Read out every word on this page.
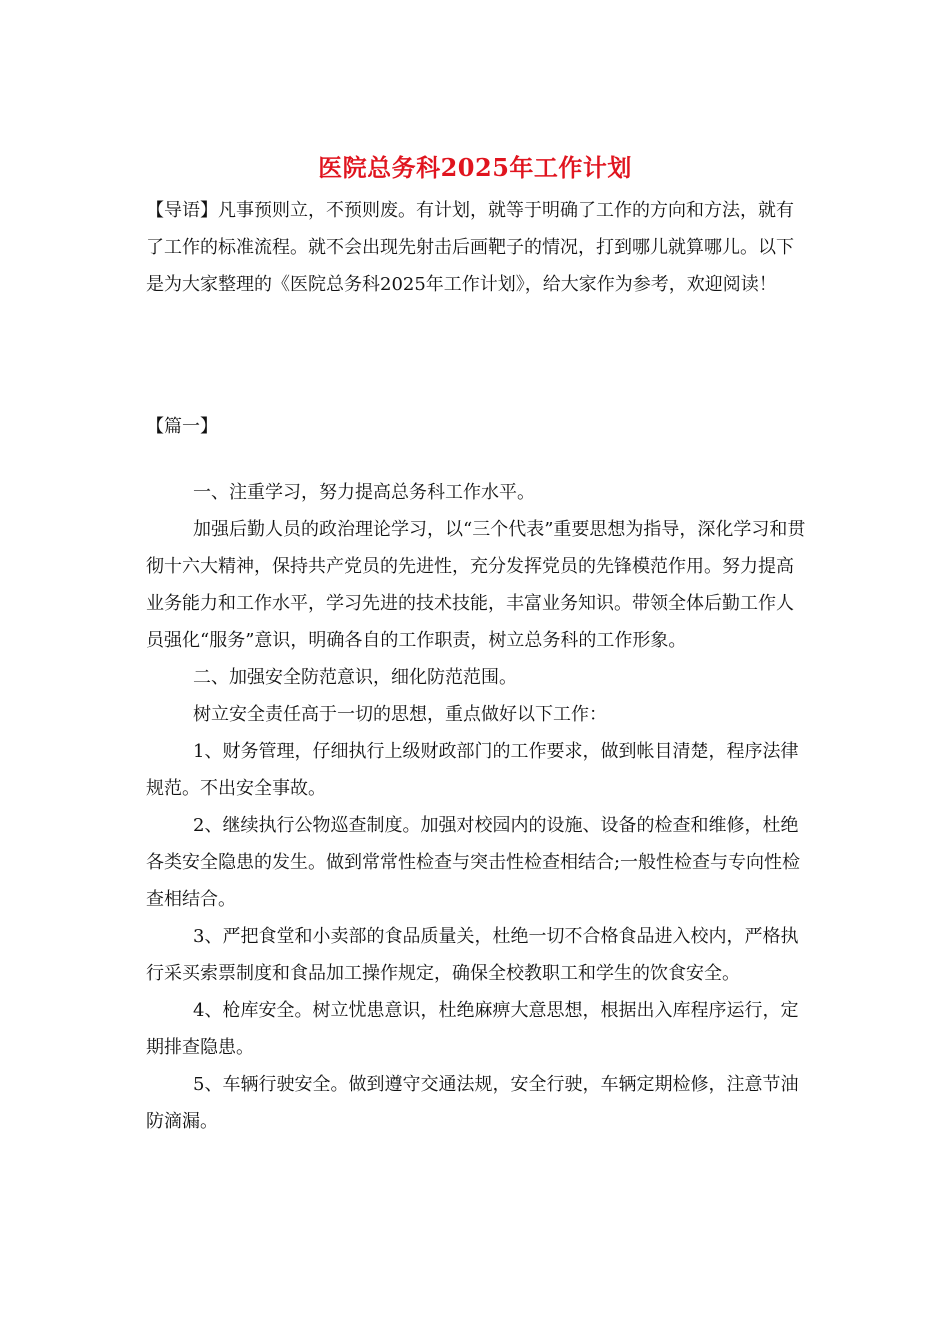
医院总务科2025年工作计划

【导语】凡事预则立，不预则废。有计划，就等于明确了工作的方向和方法，就有了工作的标准流程。就不会出现先射击后画靶子的情况，打到哪儿就算哪儿。以下是为大家整理的《医院总务科2025年工作计划》，给大家作为参考，欢迎阅读！

【篇一】

一、注重学习，努力提高总务科工作水平。

加强后勤人员的政治理论学习，以“三个代表”重要思想为指导，深化学习和贯彻十六大精神，保持共产党员的先进性，充分发挥党员的先锋模范作用。努力提高业务能力和工作水平，学习先进的技术技能，丰富业务知识。带领全体后勤工作人员强化“服务”意识，明确各自的工作职责，树立总务科的工作形象。

二、加强安全防范意识，细化防范范围。

树立安全责任高于一切的思想，重点做好以下工作：

1、财务管理，仔细执行上级财政部门的工作要求，做到帐目清楚，程序法律规范。不出安全事故。

2、继续执行公物巡查制度。加强对校园内的设施、设备的检查和维修，杜绝各类安全隐患的发生。做到常常性检查与突击性检查相结合;一般性检查与专向性检查相结合。

3、严把食堂和小卖部的食品质量关，杜绝一切不合格食品进入校内，严格执行采买索票制度和食品加工操作规定，确保全校教职工和学生的饮食安全。

4、枪库安全。树立忧患意识，杜绝麻痹大意思想，根据出入库程序运行，定期排查隐患。

5、车辆行驶安全。做到遵守交通法规，安全行驶，车辆定期检修，注意节油防滴漏。
